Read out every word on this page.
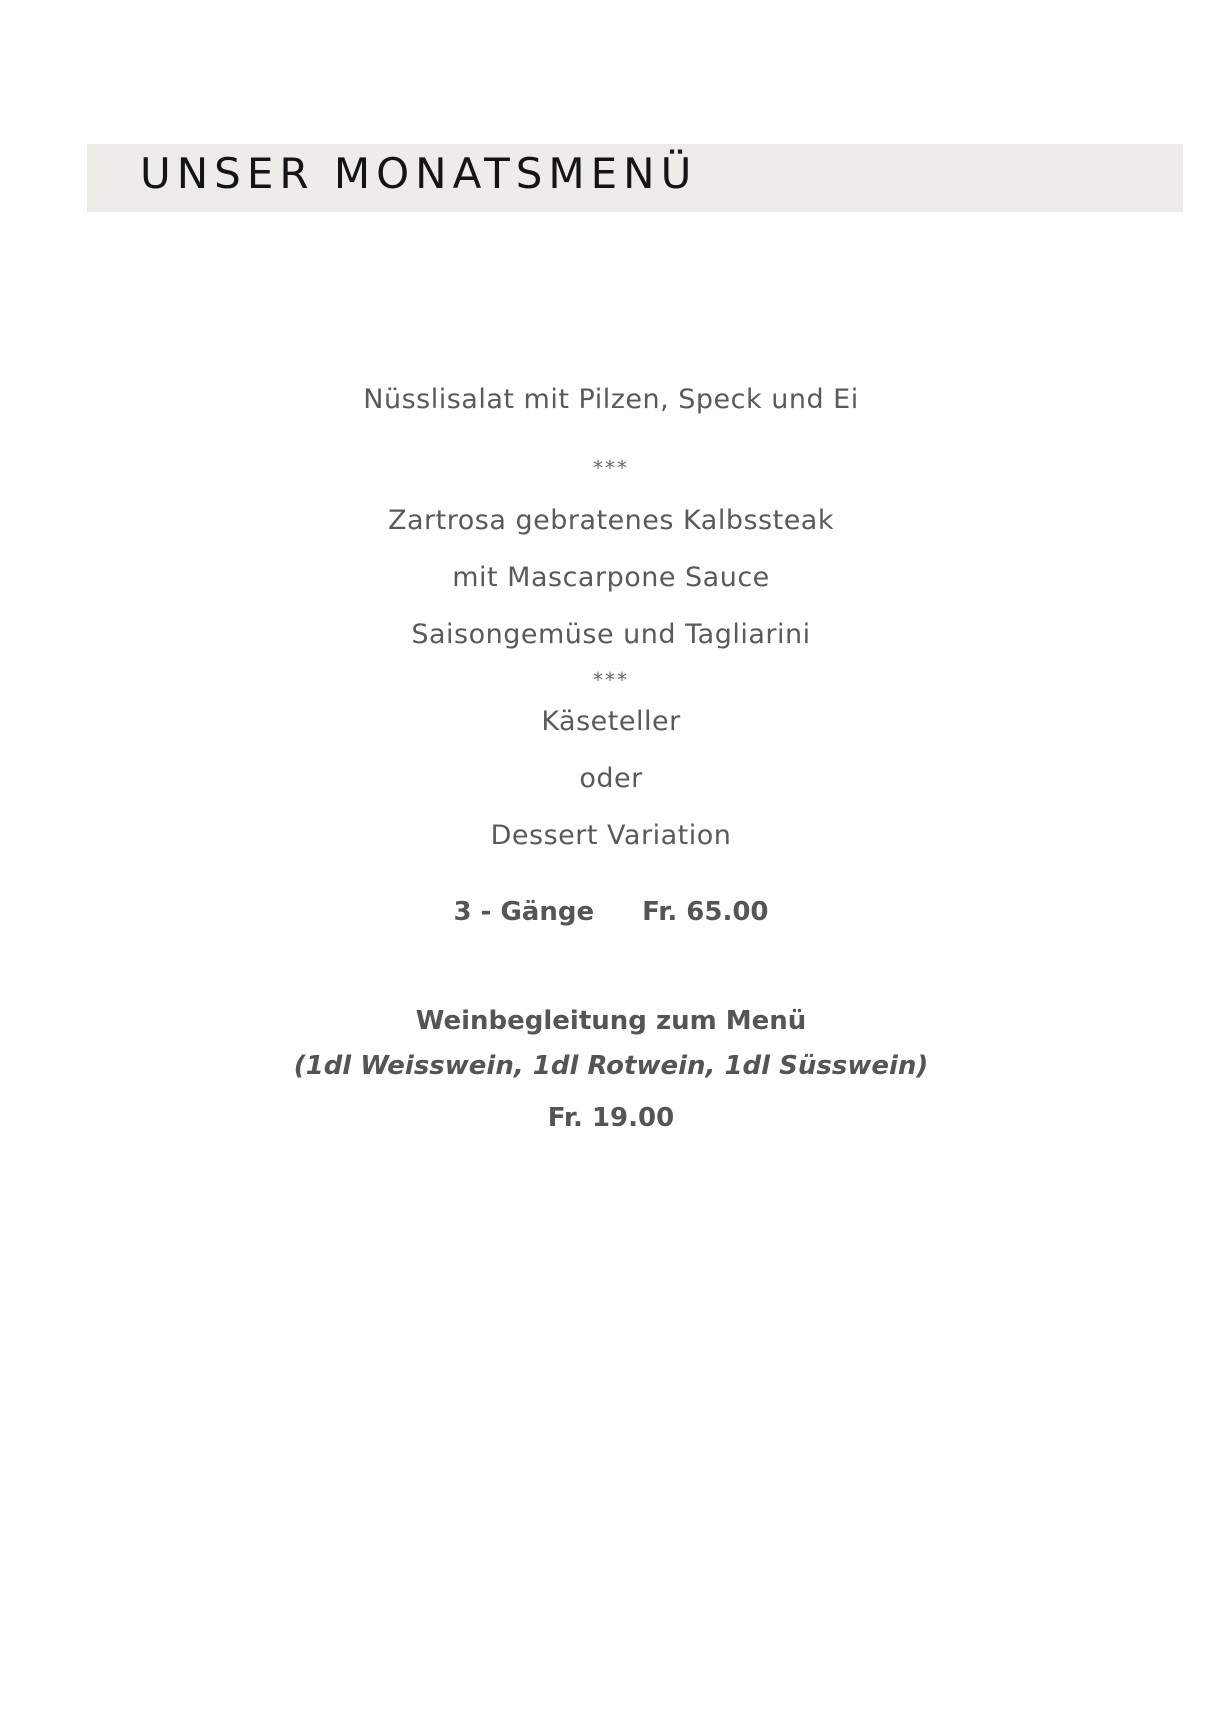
UNSER MONATSMENÜ
Nüsslisalat mit Pilzen, Speck und Ei
***
Zartrosa gebratenes Kalbssteak
mit Mascarpone Sauce
Saisongemüse und Tagliarini
***
Käseteller
oder
Dessert Variation
3 - Gänge Fr. 65.00
Weinbegleitung zum Menü
(1dl Weisswein, 1dl Rotwein, 1dl Süsswein)
Fr. 19.00
